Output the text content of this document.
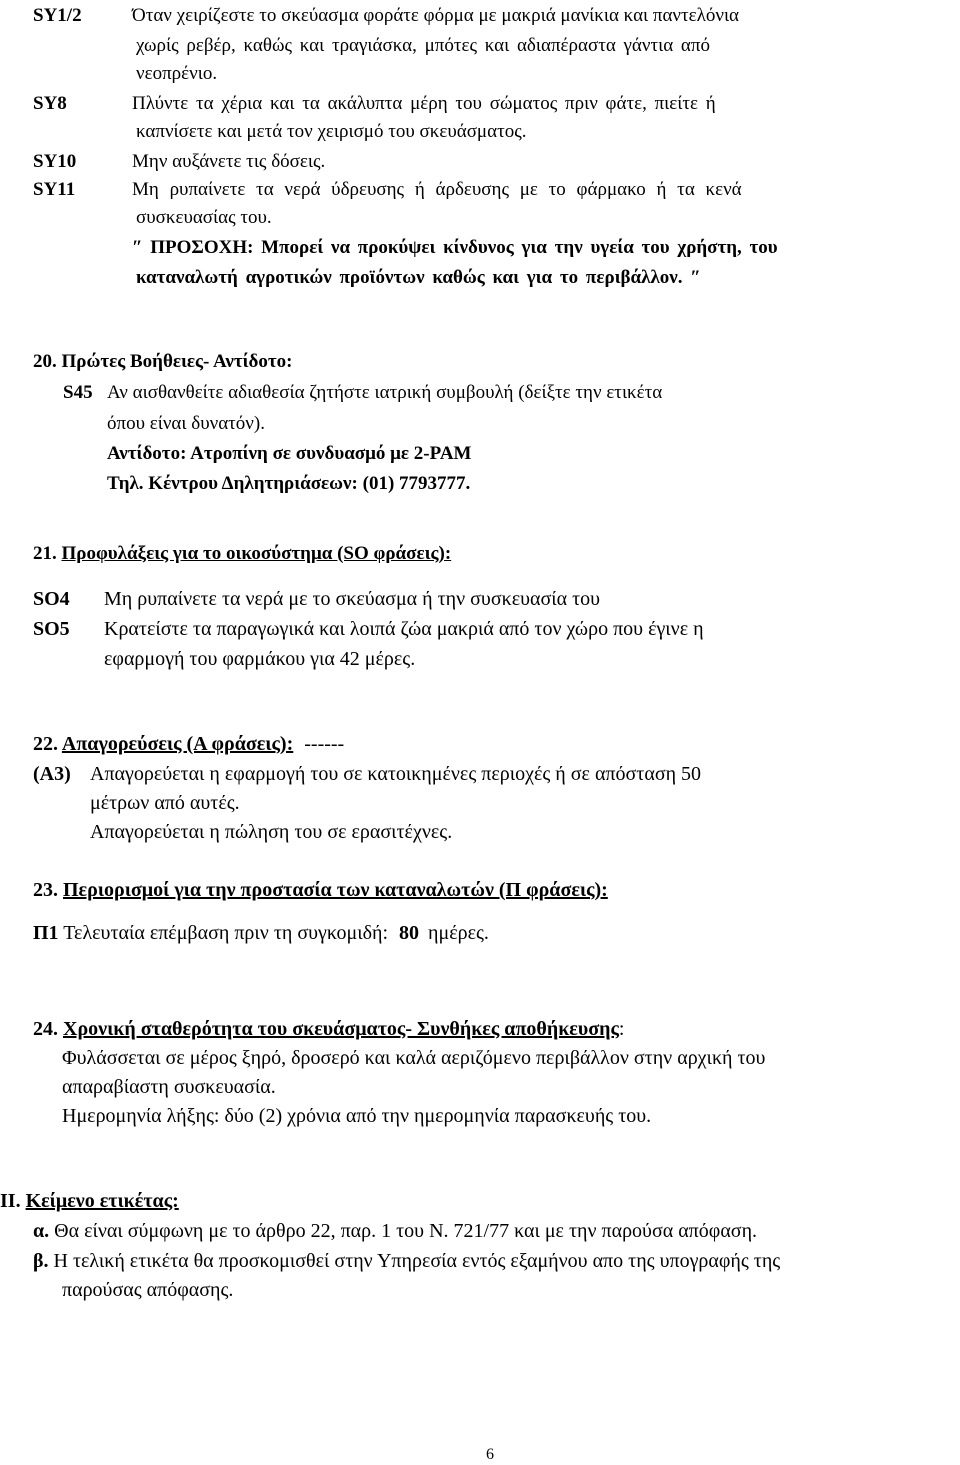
SY1/2	Όταν χειρίζεστε το σκεύασμα φοράτε φόρμα με μακριά μανίκια και παντελόνια
χωρίς ρεβέρ, καθώς και τραγιάσκα, μπότες και αδιαπέραστα γάντια από
νεοπρένιο.
SY8	Πλύντε τα χέρια και τα ακάλυπτα μέρη του σώματος πριν φάτε, πιείτε ή
καπνίσετε και μετά τον χειρισμό του σκευάσματος.
SY10	Μην αυξάνετε τις δόσεις.
SY11	Μη ρυπαίνετε τα νερά ύδρευσης ή άρδευσης με το φάρμακο ή τα κενά
συσκευασίας του.
″ ΠΡΟΣΟΧΗ: Μπορεί να προκύψει κίνδυνος για την υγεία του χρήστη, του
καταναλωτή αγροτικών προϊόντων καθώς και για το περιβάλλον. ″
20. Πρώτες Βοήθειες- Αντίδοτο:
S45 Αν αισθανθείτε αδιαθεσία ζητήστε ιατρική συμβουλή (δείξτε την ετικέτα
όπου είναι δυνατόν).
Αντίδοτο: Ατροπίνη σε συνδυασμό με 2-PAM
Τηλ. Κέντρου Δηλητηριάσεων: (01) 7793777.
21. Προφυλάξεις για το οικοσύστημα (SO φράσεις):
SO4 Μη ρυπαίνετε τα νερά με το σκεύασμα ή την συσκευασία του
SO5 Κρατείστε τα παραγωγικά και λοιπά ζώα μακριά από τον χώρο που έγινε η
εφαρμογή του φαρμάκου για 42 μέρες.
22. Απαγορεύσεις (Α φράσεις): ------
(Α3) Απαγορεύεται η εφαρμογή του σε κατοικημένες περιοχές ή σε απόσταση 50
μέτρων από αυτές.
Απαγορεύεται η πώληση του σε ερασιτέχνες.
23. Περιορισμοί για την προστασία των καταναλωτών (Π φράσεις):
Π1 Τελευταία επέμβαση πριν τη συγκομιδή: 80 ημέρες.
24. Χρονική σταθερότητα του σκευάσματος- Συνθήκες αποθήκευσης:
Φυλάσσεται σε μέρος ξηρό, δροσερό και καλά αεριζόμενο περιβάλλον στην αρχική του
απαραβίαστη συσκευασία.
Ημερομηνία λήξης: δύο (2) χρόνια από την ημερομηνία παρασκευής του.
ΙΙ. Κείμενο ετικέτας:
α. Θα είναι σύμφωνη με το άρθρο 22, παρ. 1 του Ν. 721/77 και με την παρούσα απόφαση.
β. Η τελική ετικέτα θα προσκομισθεί στην Υπηρεσία εντός εξαμήνου απο της υπογραφής της
παρούσας απόφασης.
6
